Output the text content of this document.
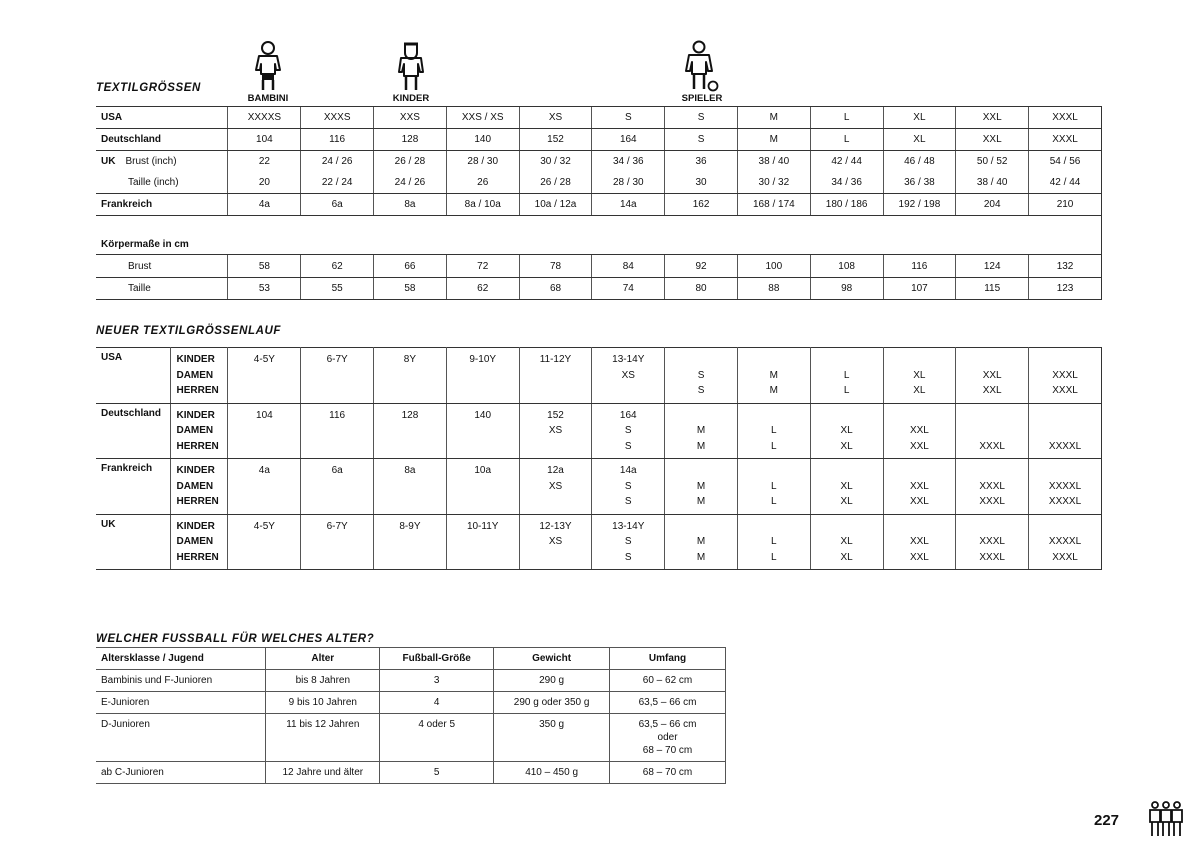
TEXTILGRÖSSEN
BAMBINI	KINDER	SPIELER
USA	XXXXS	XXXS	XXS	XXS / XS	XS	S	S	M	L	XL	XXL	XXXL
Deutschland	104	116	128	140	152	164	S	M	L	XL	XXL	XXXL
UK Brust (inch)	22	24 / 26	26 / 28	28 / 30	30 / 32	34 / 36	36	38 / 40	42 / 44	46 / 48	50 / 52	54 / 56
Taille (inch)	20	22 / 24	24 / 26	26	26 / 28	28 / 30	30	30 / 32	34 / 36	36 / 38	38 / 40	42 / 44
Frankreich	4a	6a	8a	8a / 10a	10a / 12a	14a	162	168 / 174	180 / 186	192 / 198	204	210
Körpermaße in cm												
Brust	58	62	66	72	78	84	92	100	108	116	124	132
Taille	53	55	58	62	68	74	80	88	98	107	115	123
NEUER TEXTILGRÖSSENLAUF
USA	KINDER	4-5Y	6-7Y	8Y	9-10Y	11-12Y	13-14Y						
	DAMEN						XS	S	M	L	XL	XXL	XXXL
	HERREN							S	M	L	XL	XXL	XXXL
Deutschland	KINDER	104	116	128	140	152	164						
	DAMEN					XS	S	M	L	XL	XXL		
	HERREN						S	M	L	XL	XXL	XXXL	XXXXL
Frankreich	KINDER	4a	6a	8a	10a	12a	14a						
	DAMEN					XS	S	M	L	XL	XXL	XXXL	XXXXL
	HERREN						S	M	L	XL	XXL	XXXL	XXXXL
UK	KINDER	4-5Y	6-7Y	8-9Y	10-11Y	12-13Y	13-14Y						
	DAMEN					XS	S	M	L	XL	XXL	XXXL	XXXXL
	HERREN						S	M	L	XL	XXL	XXXL	XXXL
WELCHER FUSSBALL FÜR WELCHES ALTER?
Altersklasse / Jugend	Alter	Fußball-Größe	Gewicht	Umfang
Bambinis und F-Junioren	bis 8 Jahren	3	290 g	60 – 62 cm
E-Junioren	9 bis 10 Jahren	4	290 g oder 350 g	63,5 – 66 cm
D-Junioren	11 bis 12 Jahren	4 oder 5	350 g	63,5 – 66 cm
oder
68 – 70 cm
ab C-Junioren	12 Jahre und älter	5	410 – 450 g	68 – 70 cm
227
